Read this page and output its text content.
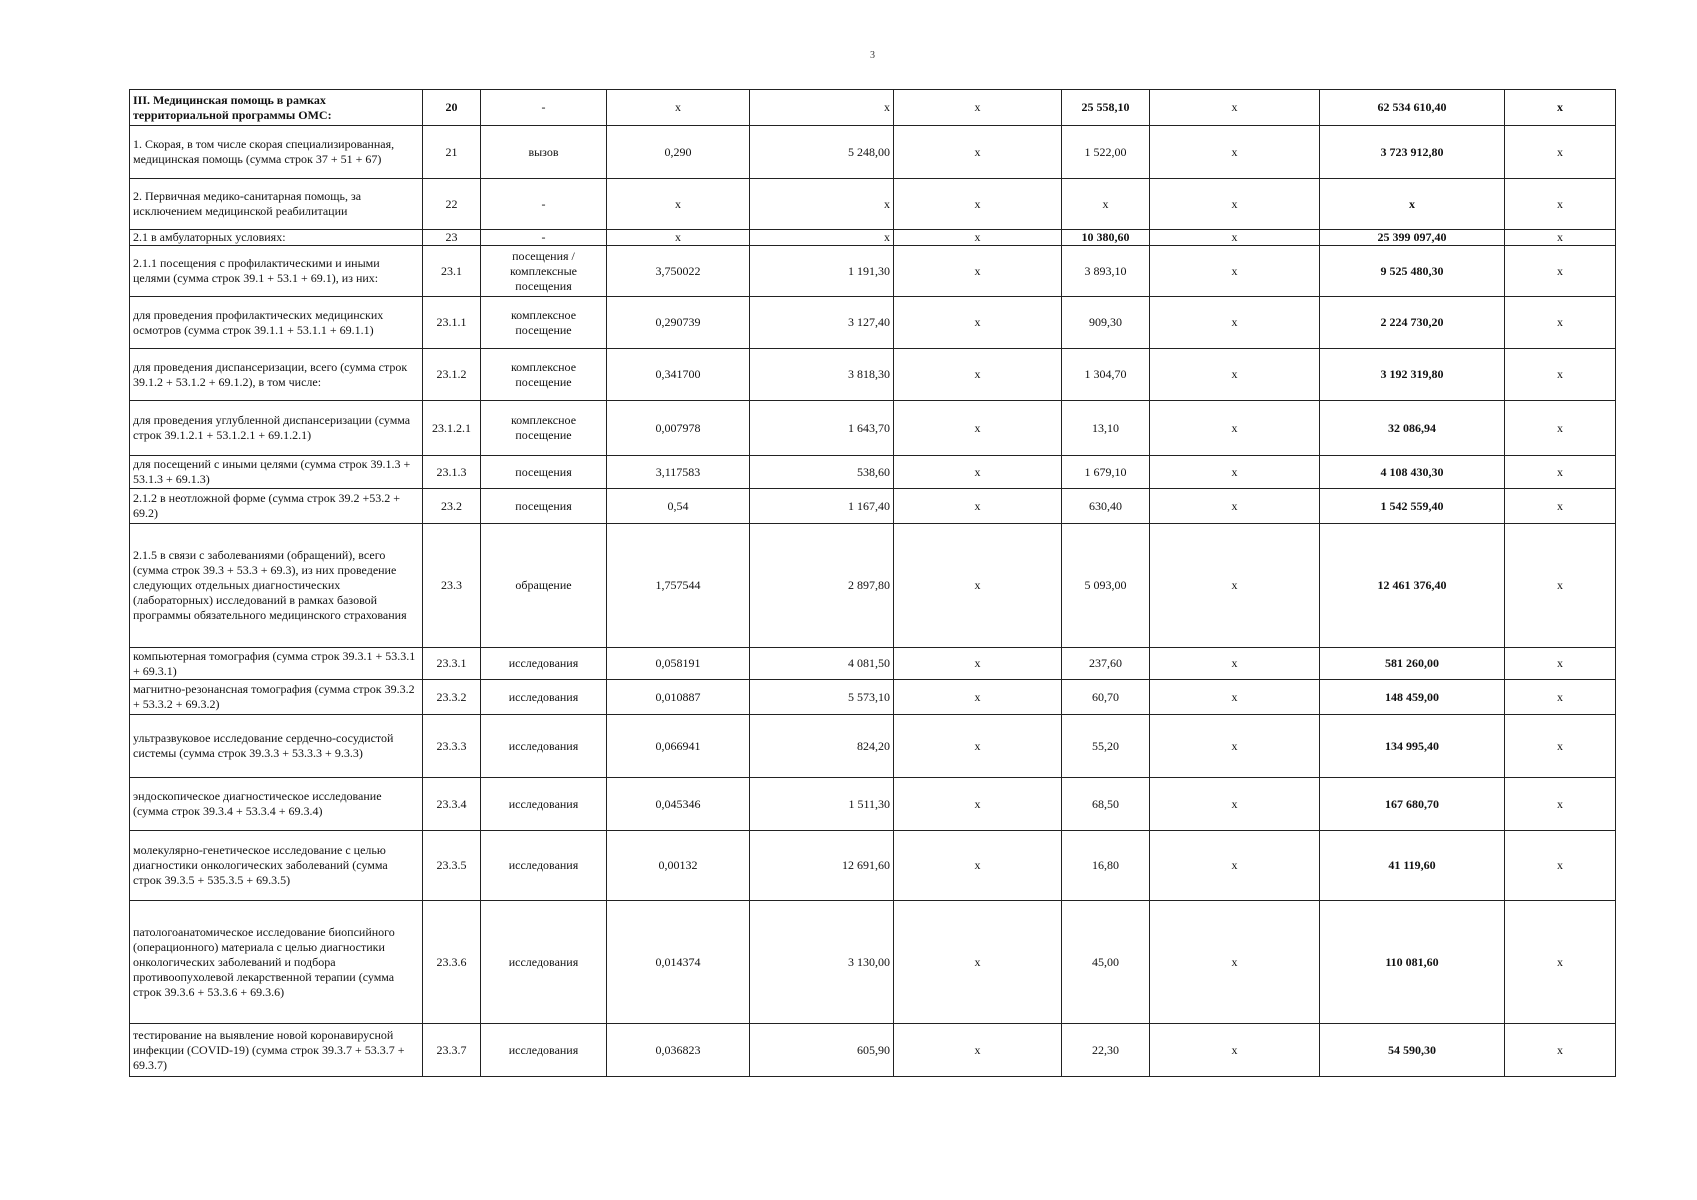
3
III. Медицинская помощь в рамках территориальной программы ОМС:	20	-	x	x	x	25 558,10	x	62 534 610,40	x
1. Скорая, в том числе скорая специализированная, медицинская помощь (сумма строк 37 + 51 + 67)	21	вызов	0,290	5 248,00	x	1 522,00	x	3 723 912,80	x
2. Первичная медико-санитарная помощь, за исключением медицинской реабилитации	22	-	x	x	x	x	x	x	x
2.1 в амбулаторных условиях:	23	-	x	x	x	10 380,60	x	25 399 097,40	x
2.1.1 посещения с профилактическими и иными целями (сумма строк 39.1 + 53.1 + 69.1), из них:	23.1	посещения / комплексные посещения	3,750022	1 191,30	x	3 893,10	x	9 525 480,30	x
для проведения профилактических медицинских осмотров (сумма строк 39.1.1 + 53.1.1 + 69.1.1)	23.1.1	комплексное посещение	0,290739	3 127,40	x	909,30	x	2 224 730,20	x
для проведения диспансеризации, всего (сумма строк 39.1.2 + 53.1.2 + 69.1.2), в том числе:	23.1.2	комплексное посещение	0,341700	3 818,30	x	1 304,70	x	3 192 319,80	x
для проведения углубленной диспансеризации (сумма строк 39.1.2.1 + 53.1.2.1 + 69.1.2.1)	23.1.2.1	комплексное посещение	0,007978	1 643,70	x	13,10	x	32 086,94	x
для посещений с иными целями (сумма строк 39.1.3 + 53.1.3 + 69.1.3)	23.1.3	посещения	3,117583	538,60	x	1 679,10	x	4 108 430,30	x
2.1.2 в неотложной форме (сумма строк 39.2 +53.2 + 69.2)	23.2	посещения	0,54	1 167,40	x	630,40	x	1 542 559,40	x
2.1.5 в связи с заболеваниями (обращений), всего (сумма строк 39.3 + 53.3 + 69.3), из них проведение следующих отдельных диагностических (лабораторных) исследований в рамках базовой программы обязательного медицинского страхования	23.3	обращение	1,757544	2 897,80	x	5 093,00	x	12 461 376,40	x
компьютерная томография (сумма строк 39.3.1 + 53.3.1 + 69.3.1)	23.3.1	исследования	0,058191	4 081,50	x	237,60	x	581 260,00	x
магнитно-резонансная томография (сумма строк 39.3.2 + 53.3.2 + 69.3.2)	23.3.2	исследования	0,010887	5 573,10	x	60,70	x	148 459,00	x
ультразвуковое исследование сердечно-сосудистой системы (сумма строк 39.3.3 + 53.3.3 + 9.3.3)	23.3.3	исследования	0,066941	824,20	x	55,20	x	134 995,40	x
эндоскопическое диагностическое исследование (сумма строк 39.3.4 + 53.3.4 + 69.3.4)	23.3.4	исследования	0,045346	1 511,30	x	68,50	x	167 680,70	x
молекулярно-генетическое исследование с целью диагностики онкологических заболеваний (сумма строк 39.3.5 + 535.3.5 + 69.3.5)	23.3.5	исследования	0,00132	12 691,60	x	16,80	x	41 119,60	x
патологоанатомическое исследование биопсийного (операционного) материала с целью диагностики онкологических заболеваний и подбора противоопухолевой лекарственной терапии (сумма строк 39.3.6 + 53.3.6 + 69.3.6)	23.3.6	исследования	0,014374	3 130,00	x	45,00	x	110 081,60	x
тестирование на выявление новой коронавирусной инфекции (COVID-19) (сумма строк 39.3.7 + 53.3.7 + 69.3.7)	23.3.7	исследования	0,036823	605,90	x	22,30	x	54 590,30	x
